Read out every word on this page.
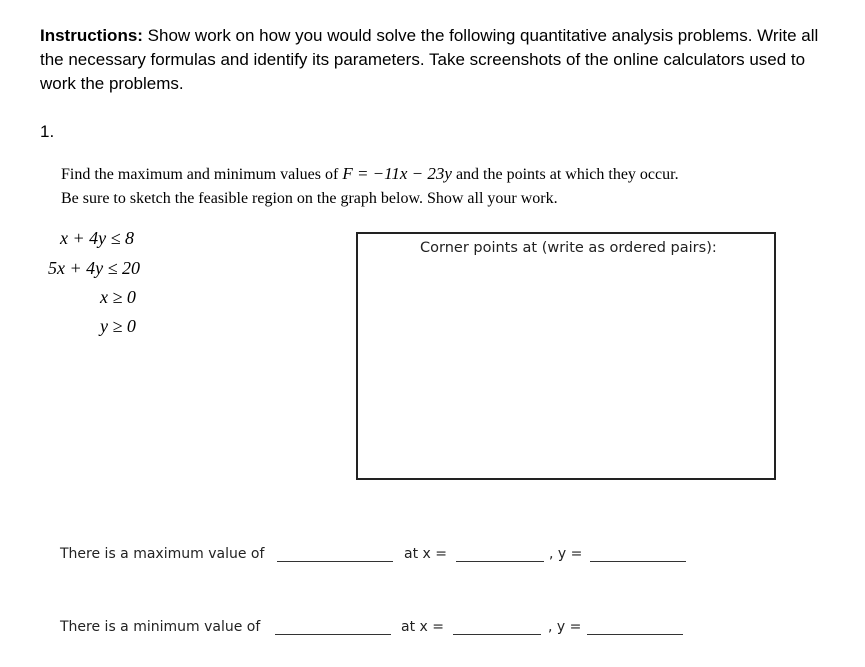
Instructions: Show work on how you would solve the following quantitative analysis problems. Write all the necessary formulas and identify its parameters. Take screenshots of the online calculators used to work the problems.
1.
Find the maximum and minimum values of F = −11x − 23y and the points at which they occur.
Be sure to sketch the feasible region on the graph below. Show all your work.
x + 4y ≤ 8
5x + 4y ≤ 20
x ≥ 0
y ≥ 0
Corner points at (write as ordered pairs):
There is a maximum value of	at x =	, y =
There is a minimum value of	at x =	, y =
